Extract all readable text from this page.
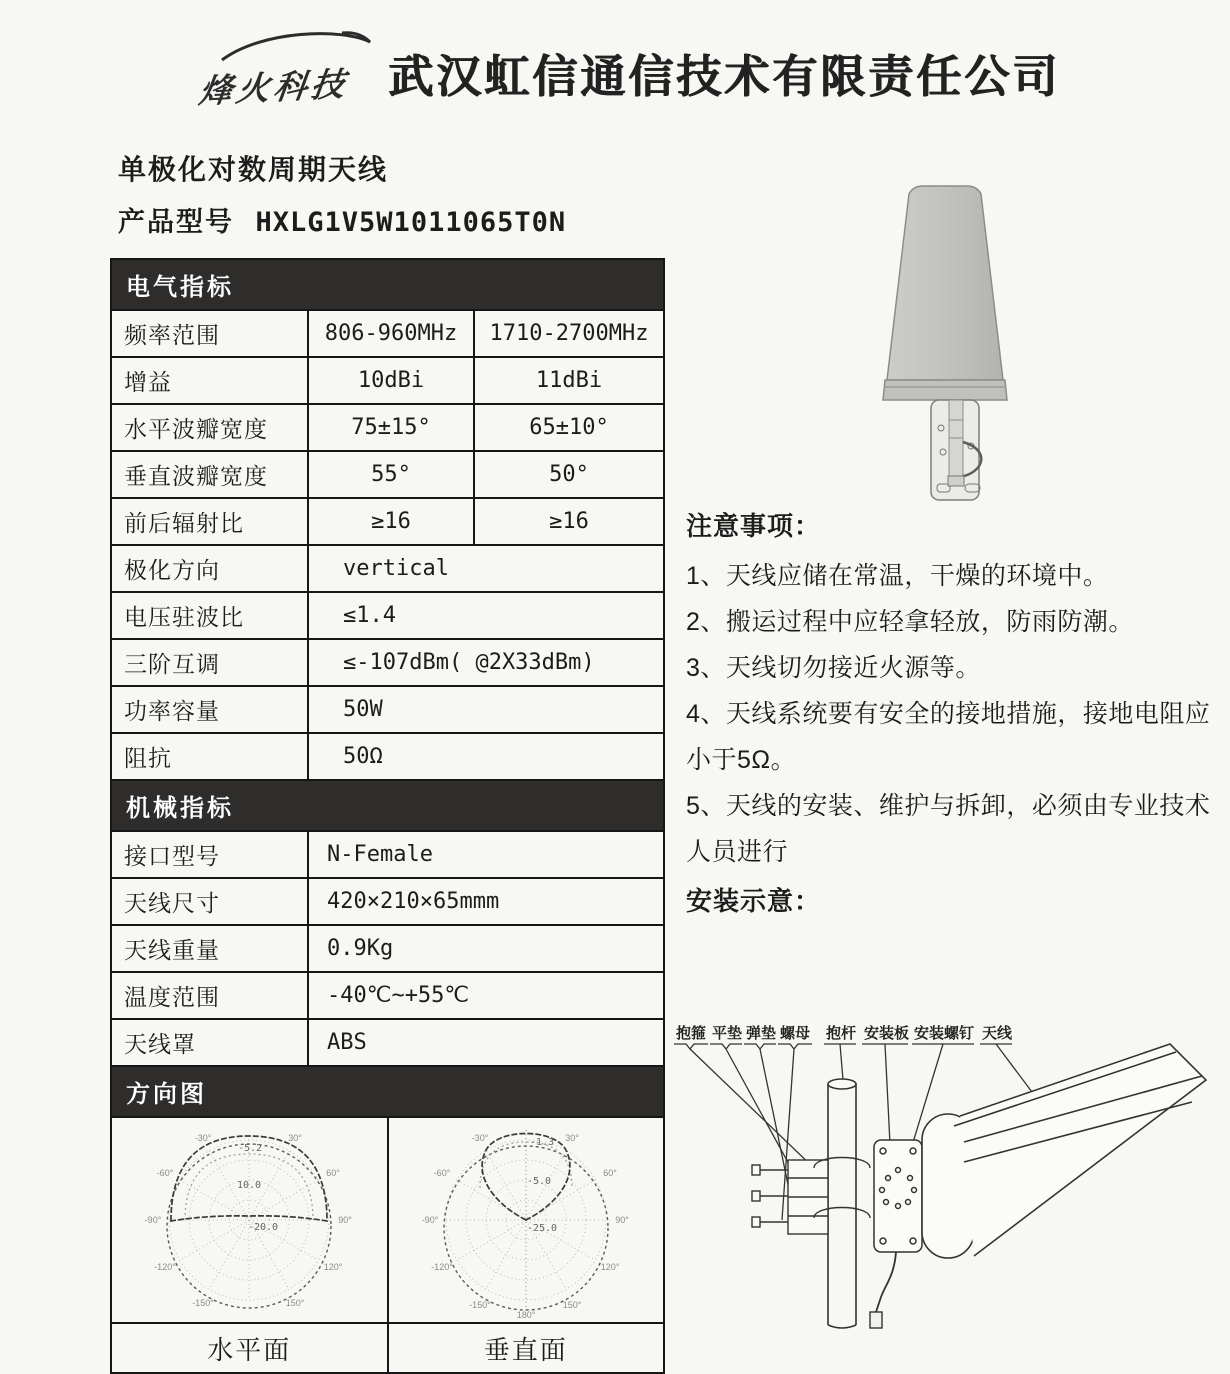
烽火科技 武汉虹信通信技术有限责任公司
单极化对数周期天线
产品型号 HXLG1V5W1011065T0N
电气指标		
频率范围	806-960MHz	1710-2700MHz
增益	10dBi	11dBi
水平波瓣宽度	75±15°	65±10°
垂直波瓣宽度	55°	50°
前后辐射比	≥16	≥16
极化方向	vertical	
电压驻波比	≤1.4	
三阶互调	≤-107dBm( @2X33dBm)	
功率容量	50W	
阻抗	50Ω	
机械指标		
接口型号	N-Female	
天线尺寸	420×210×65mmm	
天线重量	0.9Kg	
温度范围	-40℃~+55℃	
天线罩	ABS	
方向图		

-30°	30°
-60°	60°
-90°	90°
-120°	120°
-150°	150°
-5.2
10.0
-20.0
-30°	30°
-60°	60°
-90°	90°
-120°	120°
-150°	150°
180°
-1.3
-5.0
-25.0

水平面 垂直面		
注意事项：
1、天线应储在常温，干燥的环境中。
2、搬运过程中应轻拿轻放，防雨防潮。
3、天线切勿接近火源等。
4、天线系统要有安全的接地措施，接地电阻应小于5Ω。
5、天线的安装、维护与拆卸，必须由专业技术人员进行
安装示意：
抱箍 平垫 弹垫 螺母 抱杆 安装板 安装螺钉 天线
